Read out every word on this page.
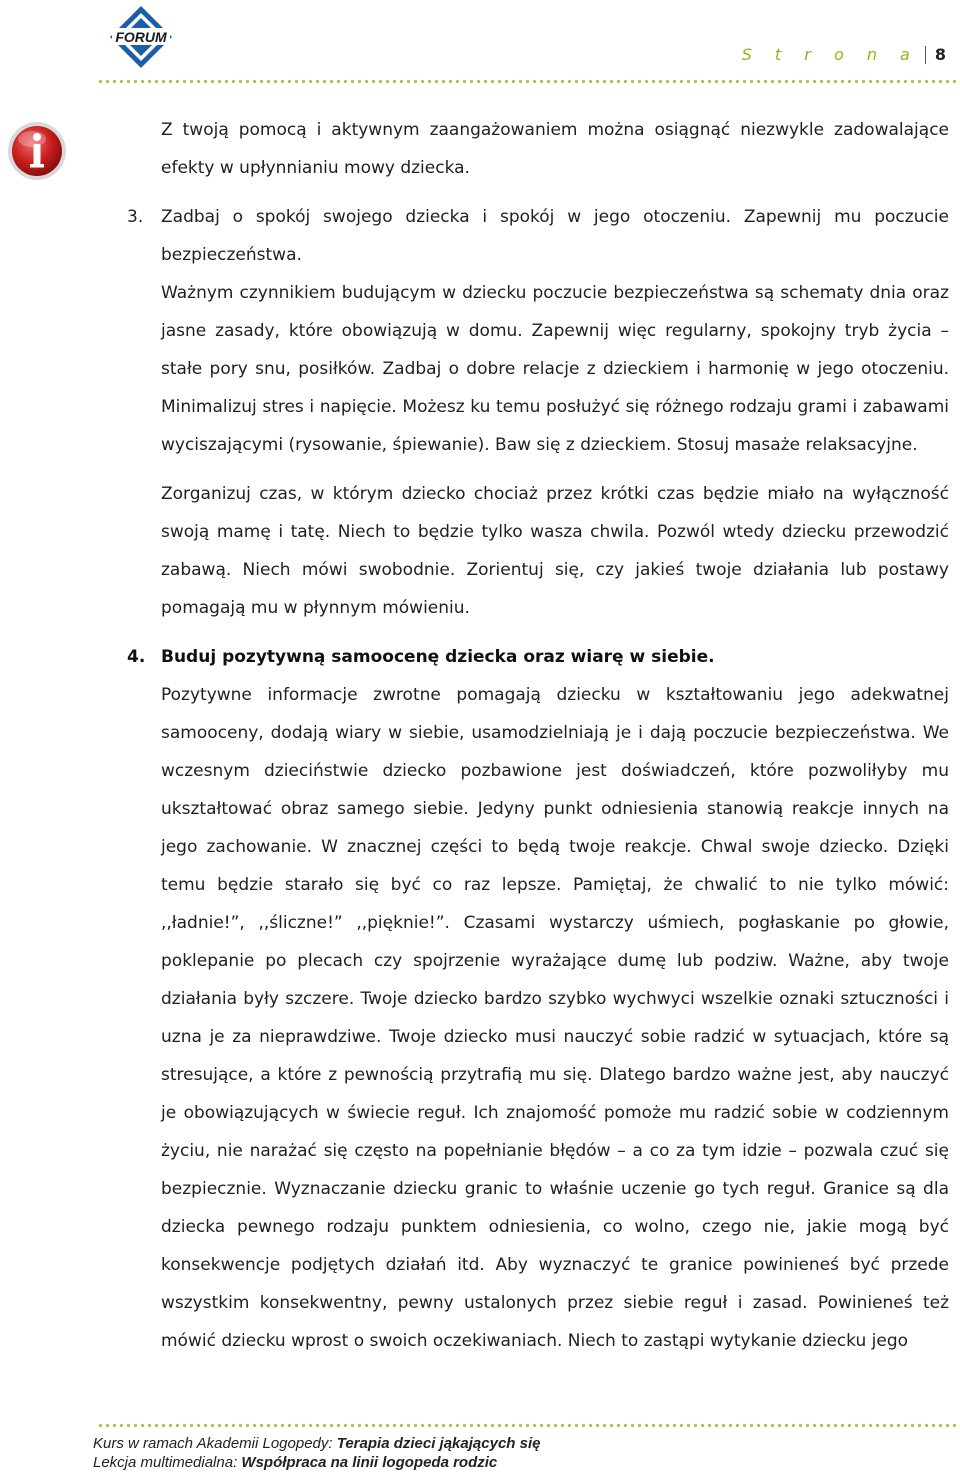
FORUM
S t r o n a 8

Z twoją pomocą i aktywnym zaangażowaniem można osiągnąć niezwykle zadowalające efekty w upłynnianiu mowy dziecka.

3. Zadbaj o spokój swojego dziecka i spokój w jego otoczeniu. Zapewnij mu poczucie bezpieczeństwa.

Ważnym czynnikiem budującym w dziecku poczucie bezpieczeństwa są schematy dnia oraz jasne zasady, które obowiązują w domu. Zapewnij więc regularny, spokojny tryb życia – stałe pory snu, posiłków. Zadbaj o dobre relacje z dzieckiem i harmonię w jego otoczeniu. Minimalizuj stres i napięcie. Możesz ku temu posłużyć się różnego rodzaju grami i zabawami wyciszającymi (rysowanie, śpiewanie). Baw się z dzieckiem. Stosuj masaże relaksacyjne.

Zorganizuj czas, w którym dziecko chociaż przez krótki czas będzie miało na wyłączność swoją mamę i tatę. Niech to będzie tylko wasza chwila. Pozwól wtedy dziecku przewodzić zabawą. Niech mówi swobodnie. Zorientuj się, czy jakieś twoje działania lub postawy pomagają mu w płynnym mówieniu.

4. Buduj pozytywną samoocenę dziecka oraz wiarę w siebie.

Pozytywne informacje zwrotne pomagają dziecku w kształtowaniu jego adekwatnej samooceny, dodają wiary w siebie, usamodzielniają je i dają poczucie bezpieczeństwa. We wczesnym dzieciństwie dziecko pozbawione jest doświadczeń, które pozwoliłyby mu ukształtować obraz samego siebie. Jedyny punkt odniesienia stanowią reakcje innych na jego zachowanie. W znacznej części to będą twoje reakcje. Chwal swoje dziecko. Dzięki temu będzie starało się być co raz lepsze. Pamiętaj, że chwalić to nie tylko mówić: ,,ładnie!”, ,,śliczne!” ,,pięknie!”. Czasami wystarczy uśmiech, pogłaskanie po głowie, poklepanie po plecach czy spojrzenie wyrażające dumę lub podziw. Ważne, aby twoje działania były szczere. Twoje dziecko bardzo szybko wychwyci wszelkie oznaki sztuczności i uzna je za nieprawdziwe. Twoje dziecko musi nauczyć sobie radzić w sytuacjach, które są stresujące, a które z pewnością przytrafią mu się. Dlatego bardzo ważne jest, aby nauczyć je obowiązujących w świecie reguł. Ich znajomość pomoże mu radzić sobie w codziennym życiu, nie narażać się często na popełnianie błędów – a co za tym idzie – pozwala czuć się bezpiecznie. Wyznaczanie dziecku granic to właśnie uczenie go tych reguł. Granice są dla dziecka pewnego rodzaju punktem odniesienia, co wolno, czego nie, jakie mogą być konsekwencje podjętych działań itd. Aby wyznaczyć te granice powinieneś być przede wszystkim konsekwentny, pewny ustalonych przez siebie reguł i zasad. Powinieneś też mówić dziecku wprost o swoich oczekiwaniach. Niech to zastąpi wytykanie dziecku jego

Kurs w ramach Akademii Logopedy: Terapia dzieci jąkających się
Lekcja multimedialna: Współpraca na linii logopeda rodzic
